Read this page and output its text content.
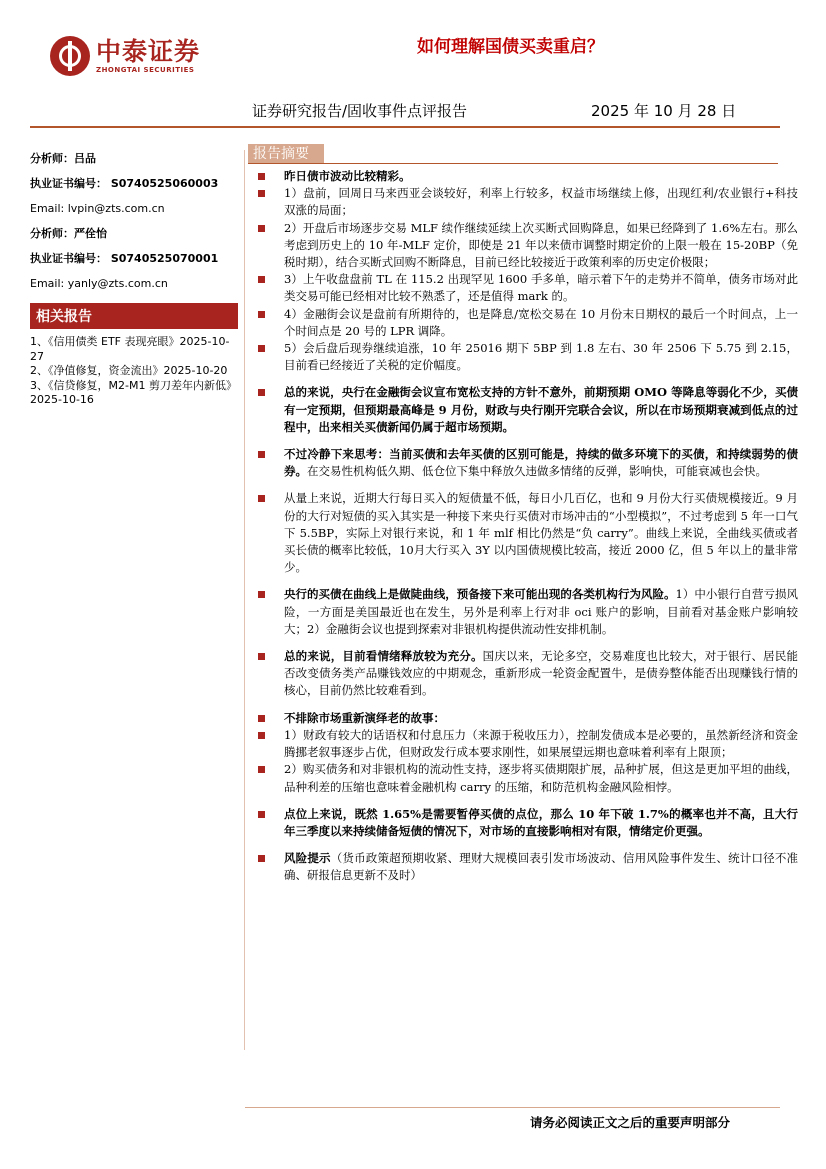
中泰证券
ZHONGTAI SECURITIES
如何理解国债买卖重启？
证券研究报告/固收事件点评报告	2025 年 10 月 28 日
分析师：吕品
执业证书编号： S0740525060003
Email: lvpin@zts.com.cn
分析师：严佺怡
执业证书编号： S0740525070001
Email: yanly@zts.com.cn
相关报告
1、《信用债类 ETF 表现亮眼》2025-10-27
2、《净值修复，资金流出》2025-10-20
3、《信贷修复，M2-M1 剪刀差年内新低》2025-10-16
报告摘要
昨日债市波动比较精彩。
1）盘前，回周日马来西亚会谈较好，利率上行较多，权益市场继续上修，出现红利/农业银行+科技双涨的局面；
2）开盘后市场逐步交易 MLF 续作继续延续上次买断式回购降息，如果已经降到了 1.6%左右。那么考虑到历史上的 10 年-MLF 定价，即使是 21 年以来债市调整时期定价的上限一般在 15-20BP（免税时期），结合买断式回购不断降息，目前已经比较接近于政策利率的历史定价极限；
3）上午收盘盘前 TL 在 115.2 出现罕见 1600 手多单，暗示着下午的走势并不简单，债务市场对此类交易可能已经相对比较不熟悉了，还是值得 mark 的。
4）金融街会议是盘前有所期待的，也是降息/宽松交易在 10 月份末日期权的最后一个时间点，上一个时间点是 20 号的 LPR 调降。
5）会后盘后现券继续追涨，10 年 25016 期下 5BP 到 1.8 左右、30 年 2506 下 5.75 到 2.15，目前看已经接近了关税的定价幅度。
总的来说，央行在金融街会议宣布宽松支持的方针不意外，前期预期 OMO 等降息等弱化不少，买债有一定预期，但预期最高峰是 9 月份，财政与央行刚开完联合会议，所以在市场预期衰减到低点的过程中，出来相关买债新闻仍属于超市场预期。
不过冷静下来思考：当前买债和去年买债的区别可能是，持续的做多环境下的买债，和持续弱势的债券。在交易性机构低久期、低仓位下集中释放久违做多情绪的反弹，影响快，可能衰减也会快。
从量上来说，近期大行每日买入的短债量不低，每日小几百亿，也和 9 月份大行买债规模接近。9 月份的大行对短债的买入其实是一种接下来央行买债对市场冲击的“小型模拟”，不过考虑到 5 年一口气下 5.5BP，实际上对银行来说，和 1 年 mlf 相比仍然是“负 carry”。曲线上来说，全曲线买债或者买长债的概率比较低，10月大行买入 3Y 以内国债规模比较高，接近 2000 亿，但 5 年以上的量非常少。
央行的买债在曲线上是做陡曲线，预备接下来可能出现的各类机构行为风险。1）中小银行自营亏损风险，一方面是美国最近也在发生，另外是利率上行对非 oci 账户的影响，目前看对基金账户影响较大；2）金融街会议也提到探索对非银机构提供流动性安排机制。
总的来说，目前看情绪释放较为充分。国庆以来，无论多空，交易难度也比较大，对于银行、居民能否改变债务类产品赚钱效应的中期观念，重新形成一轮资金配置牛，是债券整体能否出现赚钱行情的核心，目前仍然比较难看到。
不排除市场重新演绎老的故事：
1）财政有较大的话语权和付息压力（来源于税收压力），控制发债成本是必要的，虽然新经济和资金腾挪老叙事逐步占优，但财政发行成本要求刚性，如果展望远期也意味着利率有上限顶；
2）购买债务和对非银机构的流动性支持，逐步将买债期限扩展，品种扩展，但这是更加平坦的曲线，品种利差的压缩也意味着金融机构 carry 的压缩，和防范机构金融风险相悖。
点位上来说，既然 1.65%是需要暂停买债的点位，那么 10 年下破 1.7%的概率也并不高，且大行年三季度以来持续储备短债的情况下，对市场的直接影响相对有限，情绪定价更强。
风险提示（货币政策超预期收紧、理财大规模回表引发市场波动、信用风险事件发生、统计口径不准确、研报信息更新不及时）
请务必阅读正文之后的重要声明部分
